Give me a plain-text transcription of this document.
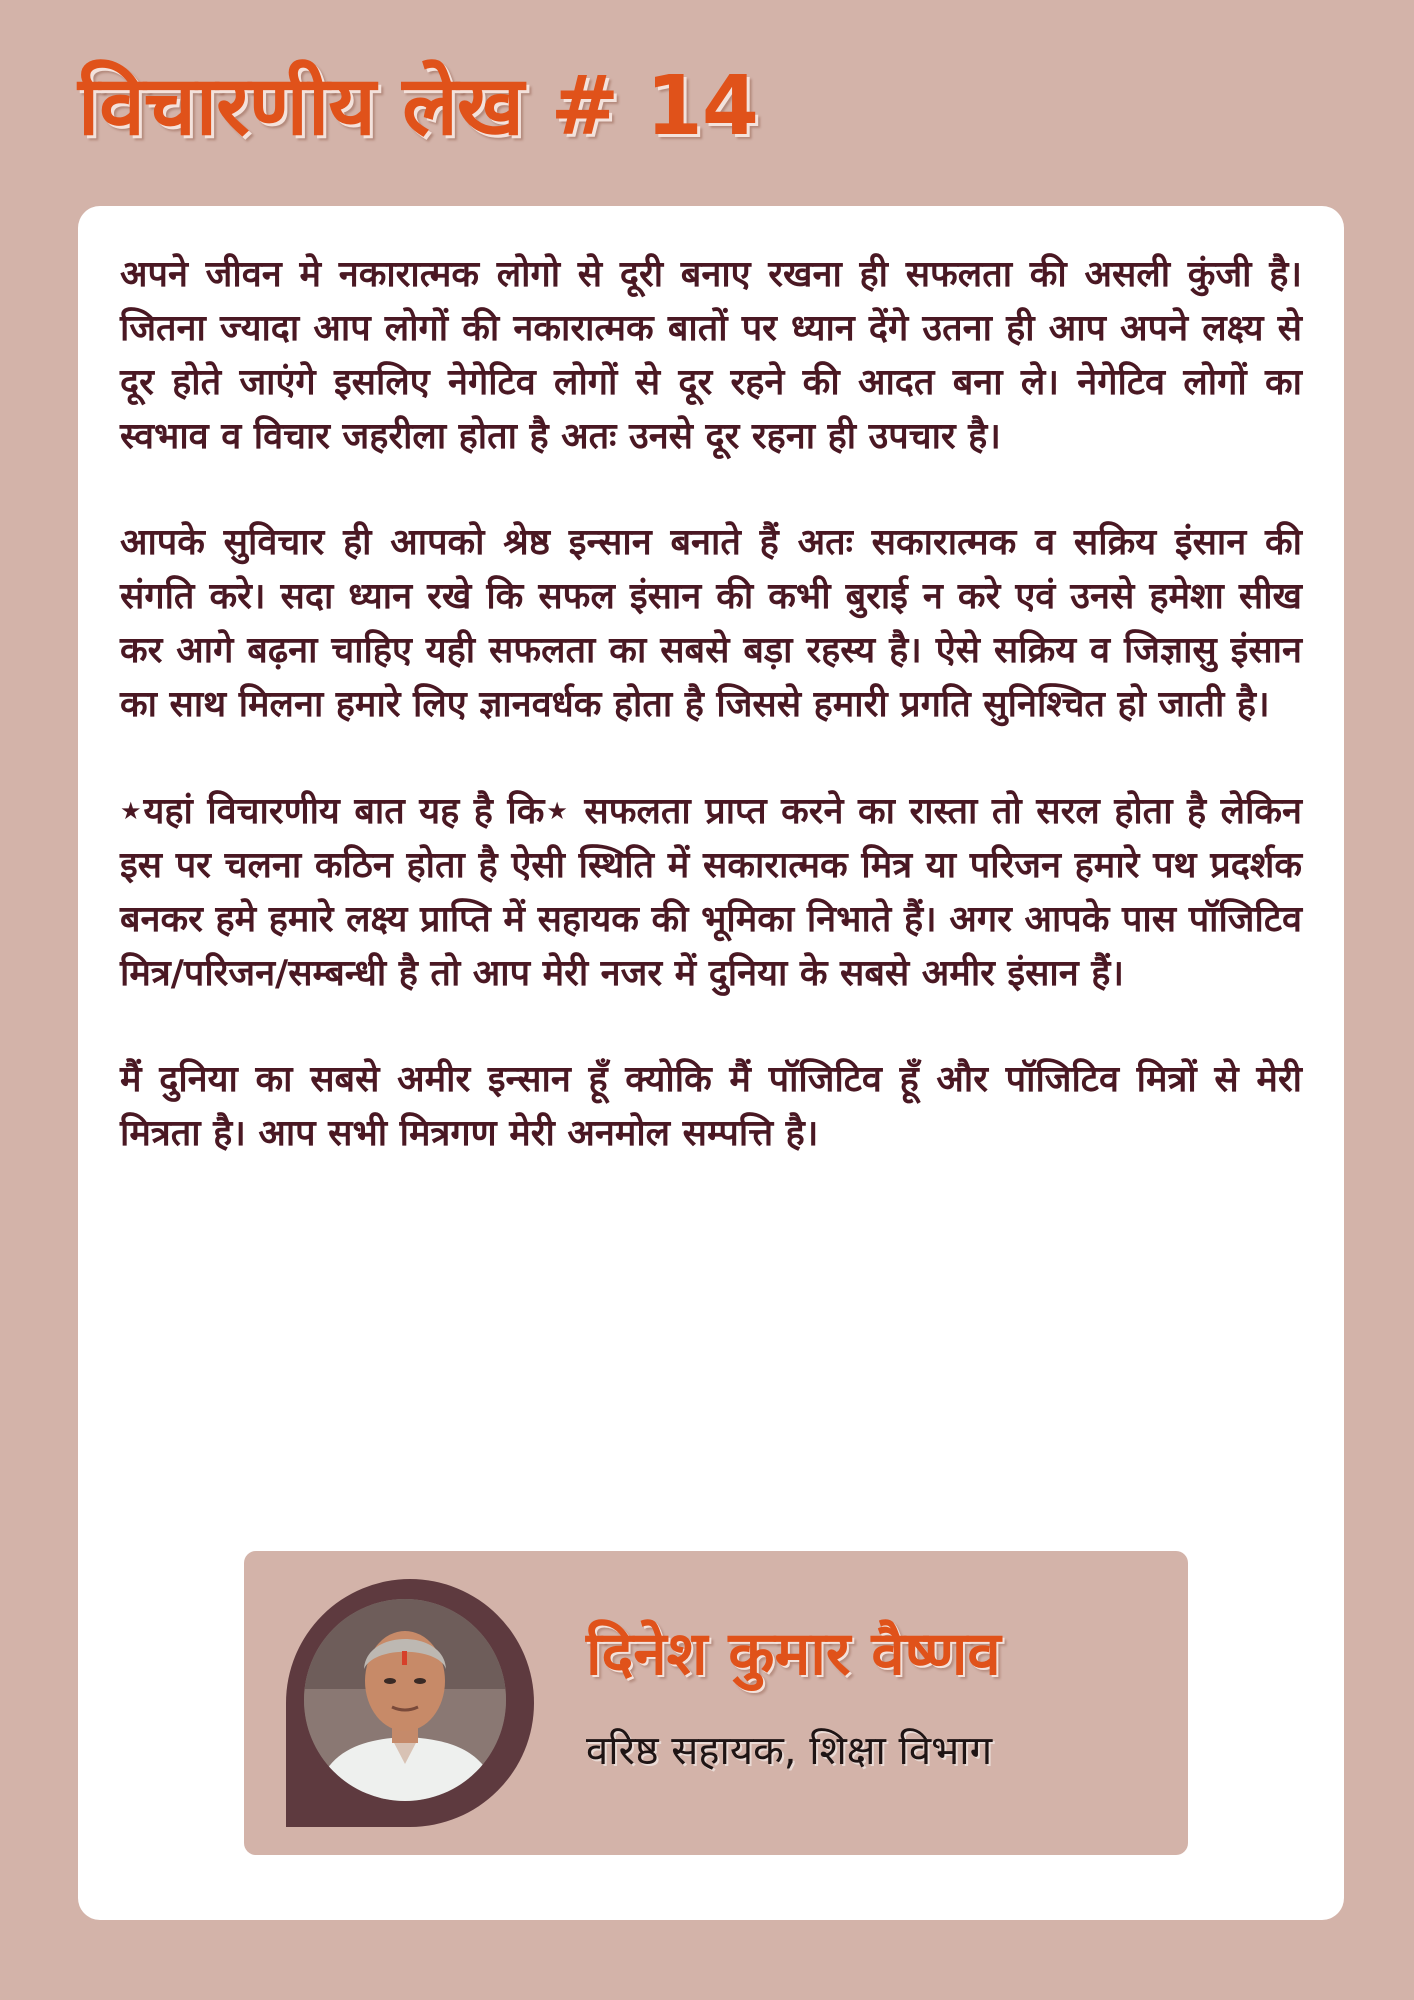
विचारणीय लेख # 14

अपने जीवन मे नकारात्मक लोगो से दूरी बनाए रखना ही सफलता की असली कुंजी है। जितना ज्यादा आप लोगों की नकारात्मक बातों पर ध्यान देंगे उतना ही आप अपने लक्ष्य से दूर होते जाएंगे इसलिए नेगेटिव लोगों से दूर रहने की आदत बना ले। नेगेटिव लोगों का स्वभाव व विचार जहरीला होता है अतः उनसे दूर रहना ही उपचार है।

आपके सुविचार ही आपको श्रेष्ठ इन्सान बनाते हैं अतः सकारात्मक व सक्रिय इंसान की संगति करे। सदा ध्यान रखे कि सफल इंसान की कभी बुराई न करे एवं उनसे हमेशा सीख कर आगे बढ़ना चाहिए यही सफलता का सबसे बड़ा रहस्य है। ऐसे सक्रिय व जिज्ञासु इंसान का साथ मिलना हमारे लिए ज्ञानवर्धक होता है जिससे हमारी प्रगति सुनिश्चित हो जाती है।

★यहां विचारणीय बात यह है कि★ सफलता प्राप्त करने का रास्ता तो सरल होता है लेकिन इस पर चलना कठिन होता है ऐसी स्थिति में सकारात्मक मित्र या परिजन हमारे पथ प्रदर्शक बनकर हमे हमारे लक्ष्य प्राप्ति में सहायक की भूमिका निभाते हैं। अगर आपके पास पॉजिटिव मित्र/परिजन/सम्बन्धी है तो आप मेरी नजर में दुनिया के सबसे अमीर इंसान हैं।

मैं दुनिया का सबसे अमीर इन्सान हूँ क्योकि मैं पॉजिटिव हूँ और पॉजिटिव मित्रों से मेरी मित्रता है। आप सभी मित्रगण मेरी अनमोल सम्पत्ति है।

दिनेश कुमार वैष्णव

वरिष्ठ सहायक, शिक्षा विभाग
